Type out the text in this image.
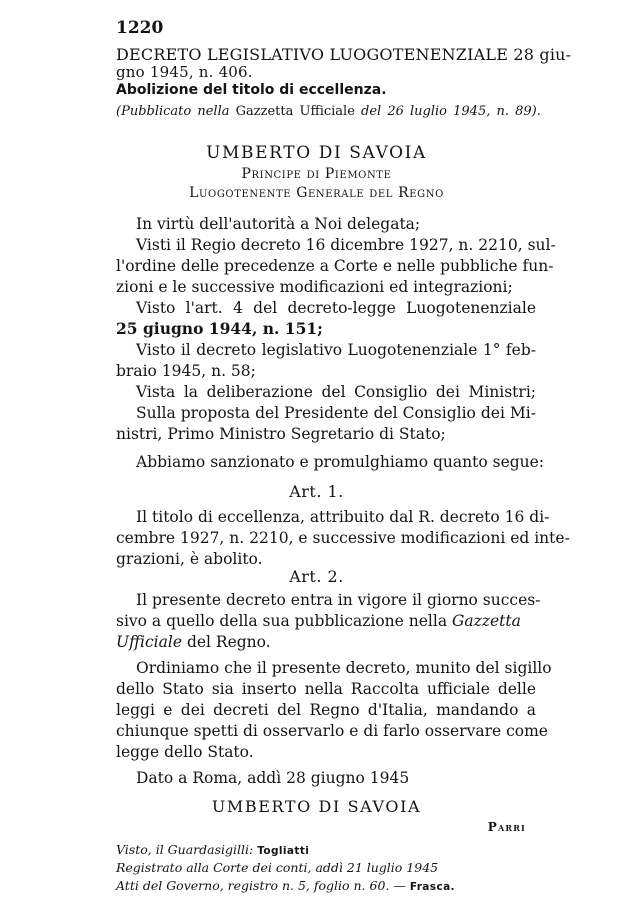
1220
DECRETO LEGISLATIVO LUOGOTENENZIALE 28 giu-
gno 1945, n. 406.
Abolizione del titolo di eccellenza.
(Pubblicato nella Gazzetta Ufficiale del 26 luglio 1945, n. 89).
UMBERTO DI SAVOIA
Principe di Piemonte
Luogotenente Generale del Regno
In virtù dell'autorità a Noi delegata;
Visti il Regio decreto 16 dicembre 1927, n. 2210, sul-
l'ordine delle precedenze a Corte e nelle pubbliche fun-
zioni e le successive modificazioni ed integrazioni;
Visto l'art. 4 del decreto-legge Luogotenenziale
25 giugno 1944, n. 151;
Visto il decreto legislativo Luogotenenziale 1° feb-
braio 1945, n. 58;
Vista la deliberazione del Consiglio dei Ministri;
Sulla proposta del Presidente del Consiglio dei Mi-
nistri, Primo Ministro Segretario di Stato;
Abbiamo sanzionato e promulghiamo quanto segue:
Art. 1.
Il titolo di eccellenza, attribuito dal R. decreto 16 di-
cembre 1927, n. 2210, e successive modificazioni ed inte-
grazioni, è abolito.
Art. 2.
Il presente decreto entra in vigore il giorno succes-
sivo a quello della sua pubblicazione nella Gazzetta
Ufficiale del Regno.
Ordiniamo che il presente decreto, munito del sigillo
dello Stato sia inserto nella Raccolta ufficiale delle
leggi e dei decreti del Regno d'Italia, mandando a
chiunque spetti di osservarlo e di farlo osservare come
legge dello Stato.
Dato a Roma, addì 28 giugno 1945
UMBERTO DI SAVOIA
Parri
Visto, il Guardasigilli: Togliatti
Registrato alla Corte dei conti, addì 21 luglio 1945
Atti del Governo, registro n. 5, foglio n. 60. — Frasca.
